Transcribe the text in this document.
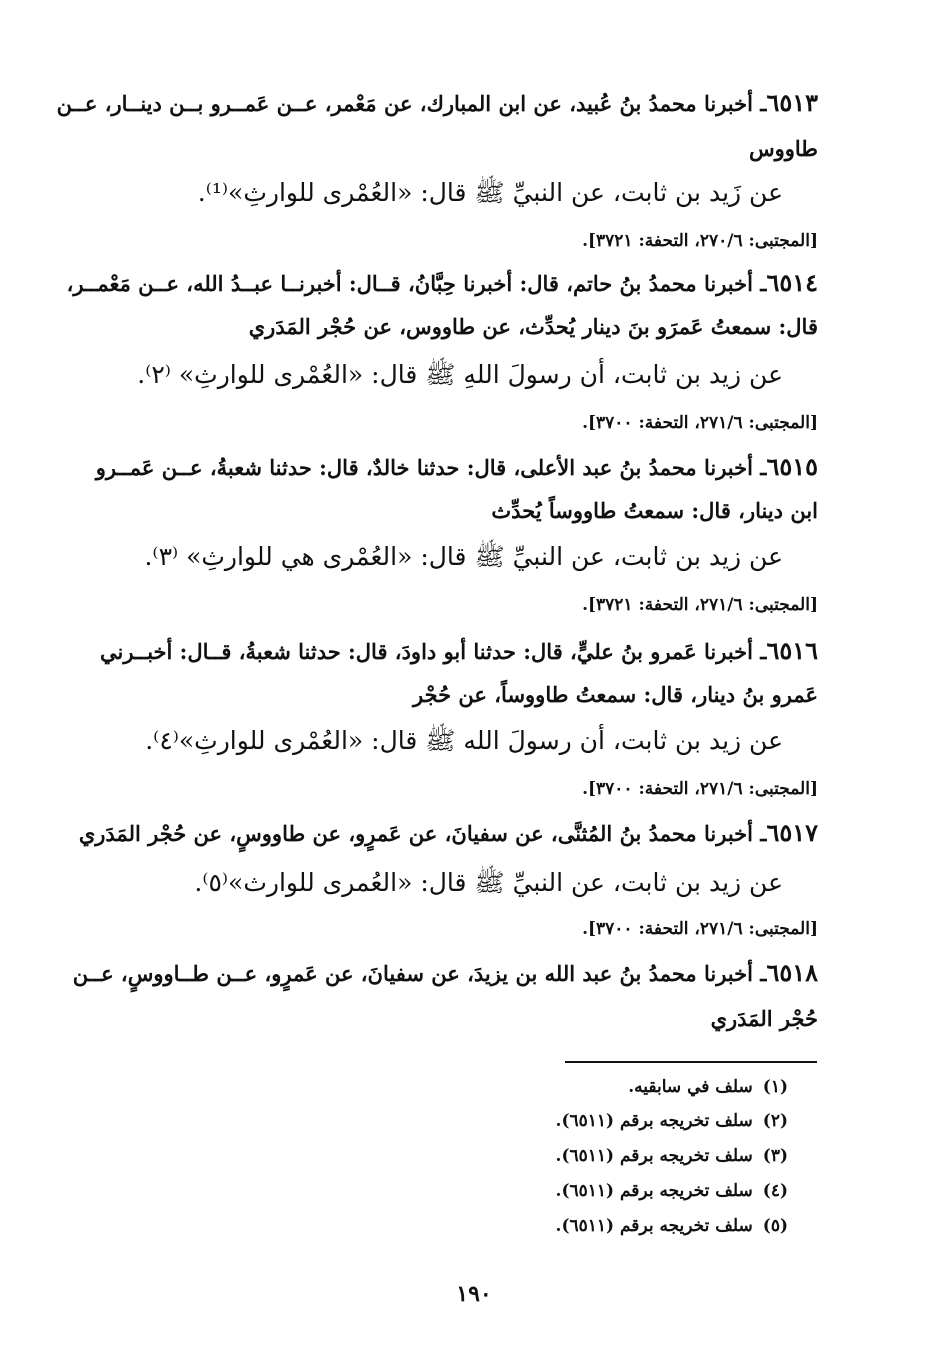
٦٥١٣ـ أخبرنا محمدُ بنُ عُبيد، عن ابن المبارك، عن مَعْمر، عــن عَمــرو بــن دينــار، عــن
طاووس
عن زَيد بن ثابت، عن النبيِّ ﷺ قال: «العُمْرى للوارثِ»⁽¹⁾.
[المجتبى: ٢٧٠/٦، التحفة: ٣٧٢١].
٦٥١٤ـ أخبرنا محمدُ بنُ حاتم، قال: أخبرنا حِبَّانُ، قــال: أخبرنــا عبــدُ الله، عــن مَعْمــر،
قال: سمعتُ عَمرَو بنَ دينار يُحدِّث، عن طاووس، عن حُجْر المَدَري
عن زيد بن ثابت، أن رسولَ اللهِ ﷺ قال: «العُمْرى للوارثِ» ⁽٢⁾.
[المجتبى: ٢٧١/٦، التحفة: ٣٧٠٠].
٦٥١٥ـ أخبرنا محمدُ بنُ عبد الأعلى، قال: حدثنا خالدٌ، قال: حدثنا شعبةُ، عــن عَمــرو
ابن دينار، قال: سمعتُ طاووساً يُحدِّث
عن زيد بن ثابت، عن النبيِّ ﷺ قال: «العُمْرى هي للوارثِ» ⁽٣⁾.
[المجتبى: ٢٧١/٦، التحفة: ٣٧٢١].
٦٥١٦ـ أخبرنا عَمرو بنُ عليٍّ، قال: حدثنا أبو داودَ، قال: حدثنا شعبةُ، قــال: أخبــرني
عَمرو بنُ دينار، قال: سمعتُ طاووساً، عن حُجْر
عن زيد بن ثابت، أن رسولَ الله ﷺ قال: «العُمْرى للوارثِ»⁽٤⁾.
[المجتبى: ٢٧١/٦، التحفة: ٣٧٠٠].
٦٥١٧ـ أخبرنا محمدُ بنُ المُثنَّى، عن سفيانَ، عن عَمرٍو، عن طاووسٍ، عن حُجْر المَدَري
عن زيد بن ثابت، عن النبيِّ ﷺ قال: «العُمرى للوارث»⁽٥⁾.
[المجتبى: ٢٧١/٦، التحفة: ٣٧٠٠].
٦٥١٨ـ أخبرنا محمدُ بنُ عبد الله بن يزيدَ، عن سفيانَ، عن عَمرٍو، عــن طــاووسٍ، عــن
حُجْر المَدَري
(١)سلف في سابقيه.
(٢)سلف تخريجه برقم (٦٥١١).
(٣)سلف تخريجه برقم (٦٥١١).
(٤)سلف تخريجه برقم (٦٥١١).
(٥)سلف تخريجه برقم (٦٥١١).
١٩٠
